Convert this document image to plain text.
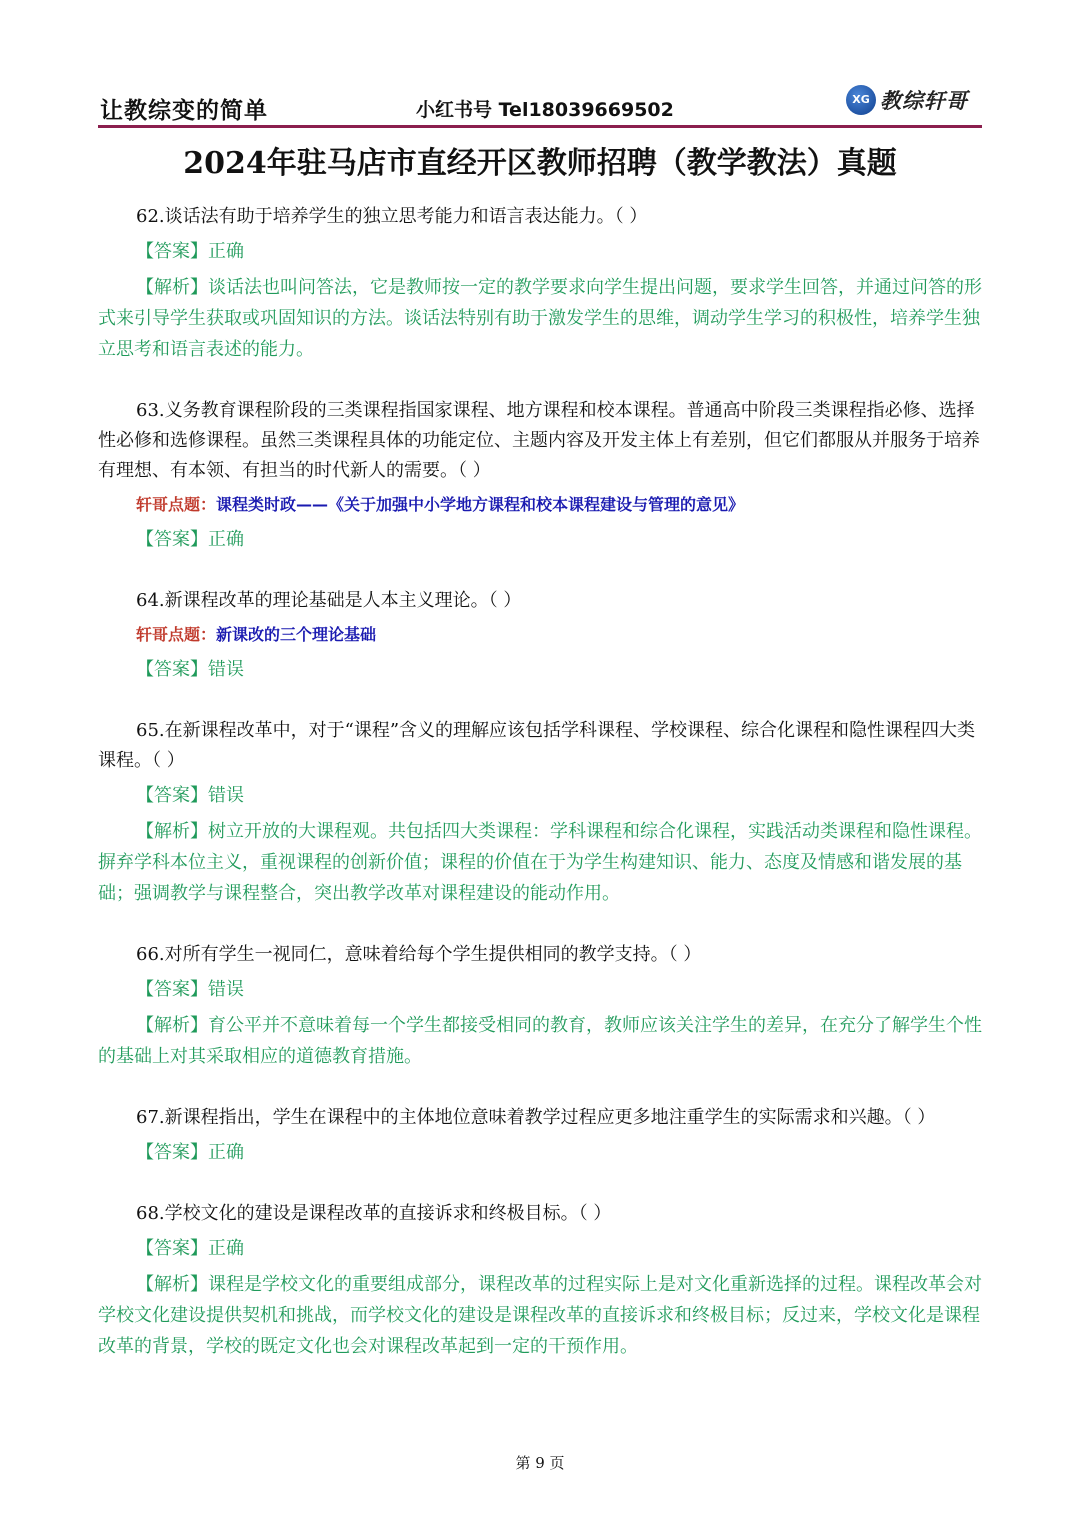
让教综变的简单	小红书号 Tel18039669502	XG 教综轩哥
2024年驻马店市直经开区教师招聘（教学教法）真题

62.谈话法有助于培养学生的独立思考能力和语言表达能力。（ ）

【答案】正确

【解析】谈话法也叫问答法，它是教师按一定的教学要求向学生提出问题，要求学生回答，并通过问答的形式来引导学生获取或巩固知识的方法。谈话法特别有助于激发学生的思维，调动学生学习的积极性，培养学生独立思考和语言表述的能力。

63.义务教育课程阶段的三类课程指国家课程、地方课程和校本课程。普通高中阶段三类课程指必修、选择性必修和选修课程。虽然三类课程具体的功能定位、主题内容及开发主体上有差别，但它们都服从并服务于培养有理想、有本领、有担当的时代新人的需要。（ ）

轩哥点题：课程类时政——《关于加强中小学地方课程和校本课程建设与管理的意见》

【答案】正确

64.新课程改革的理论基础是人本主义理论。（ ）

轩哥点题：新课改的三个理论基础

【答案】错误

65.在新课程改革中，对于“课程”含义的理解应该包括学科课程、学校课程、综合化课程和隐性课程四大类课程。（ ）

【答案】错误

【解析】树立开放的大课程观。共包括四大类课程：学科课程和综合化课程，实践活动类课程和隐性课程。摒弃学科本位主义，重视课程的创新价值；课程的价值在于为学生构建知识、能力、态度及情感和谐发展的基础；强调教学与课程整合，突出教学改革对课程建设的能动作用。

66.对所有学生一视同仁，意味着给每个学生提供相同的教学支持。（ ）

【答案】错误

【解析】育公平并不意味着每一个学生都接受相同的教育，教师应该关注学生的差异，在充分了解学生个性的基础上对其采取相应的道德教育措施。

67.新课程指出，学生在课程中的主体地位意味着教学过程应更多地注重学生的实际需求和兴趣。（ ）

【答案】正确

68.学校文化的建设是课程改革的直接诉求和终极目标。（ ）

【答案】正确

【解析】课程是学校文化的重要组成部分，课程改革的过程实际上是对文化重新选择的过程。课程改革会对学校文化建设提供契机和挑战，而学校文化的建设是课程改革的直接诉求和终极目标；反过来，学校文化是课程改革的背景，学校的既定文化也会对课程改革起到一定的干预作用。

第 9 页
